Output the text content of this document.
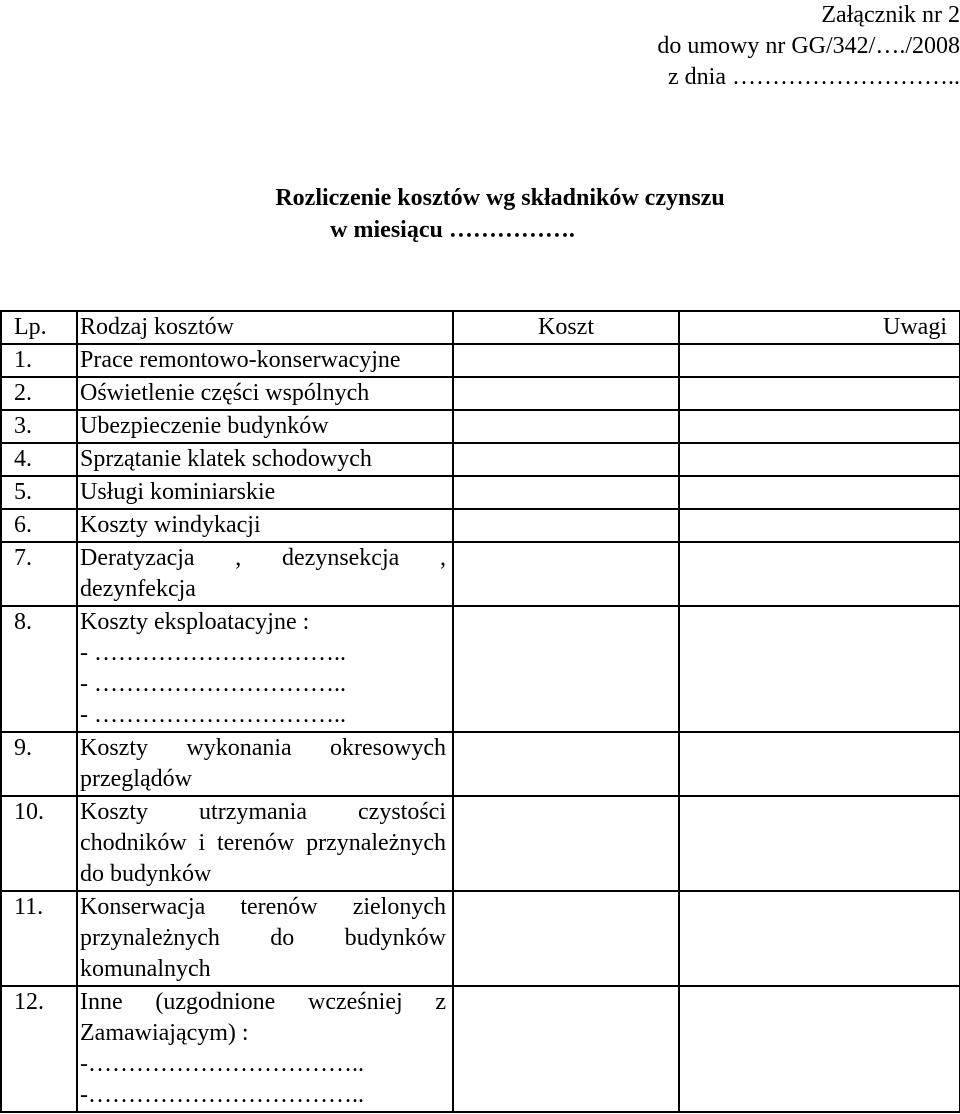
Załącznik nr 2
do umowy nr GG/342/…./2008
z dnia ………………………..
Rozliczenie kosztów wg składników czynszu
w miesiącu …………….
Lp.	Rodzaj kosztów	Koszt	Uwagi
1.	Prace remontowo-konserwacyjne		
2.	Oświetlenie części wspólnych		
3.	Ubezpieczenie budynków		
4.	Sprzątanie klatek schodowych		
5.	Usługi kominiarskie		
6.	Koszty windykacji		
7.	Deratyzacja , dezynsekcja , dezynfekcja		
8.	Koszty eksploatacyjne :
- …………………………..
- …………………………..
- …………………………..		

9.	Koszty wykonania okresowych przeglądów		
10.	Koszty utrzymania czystości chodników i terenów przynależnych do budynków		
11.	Konserwacja terenów zielonych przynależnych do budynków komunalnych		
12.	Inne (uzgodnione wcześniej z Zamawiającym) :
-……………………………..
-……………………………..		
